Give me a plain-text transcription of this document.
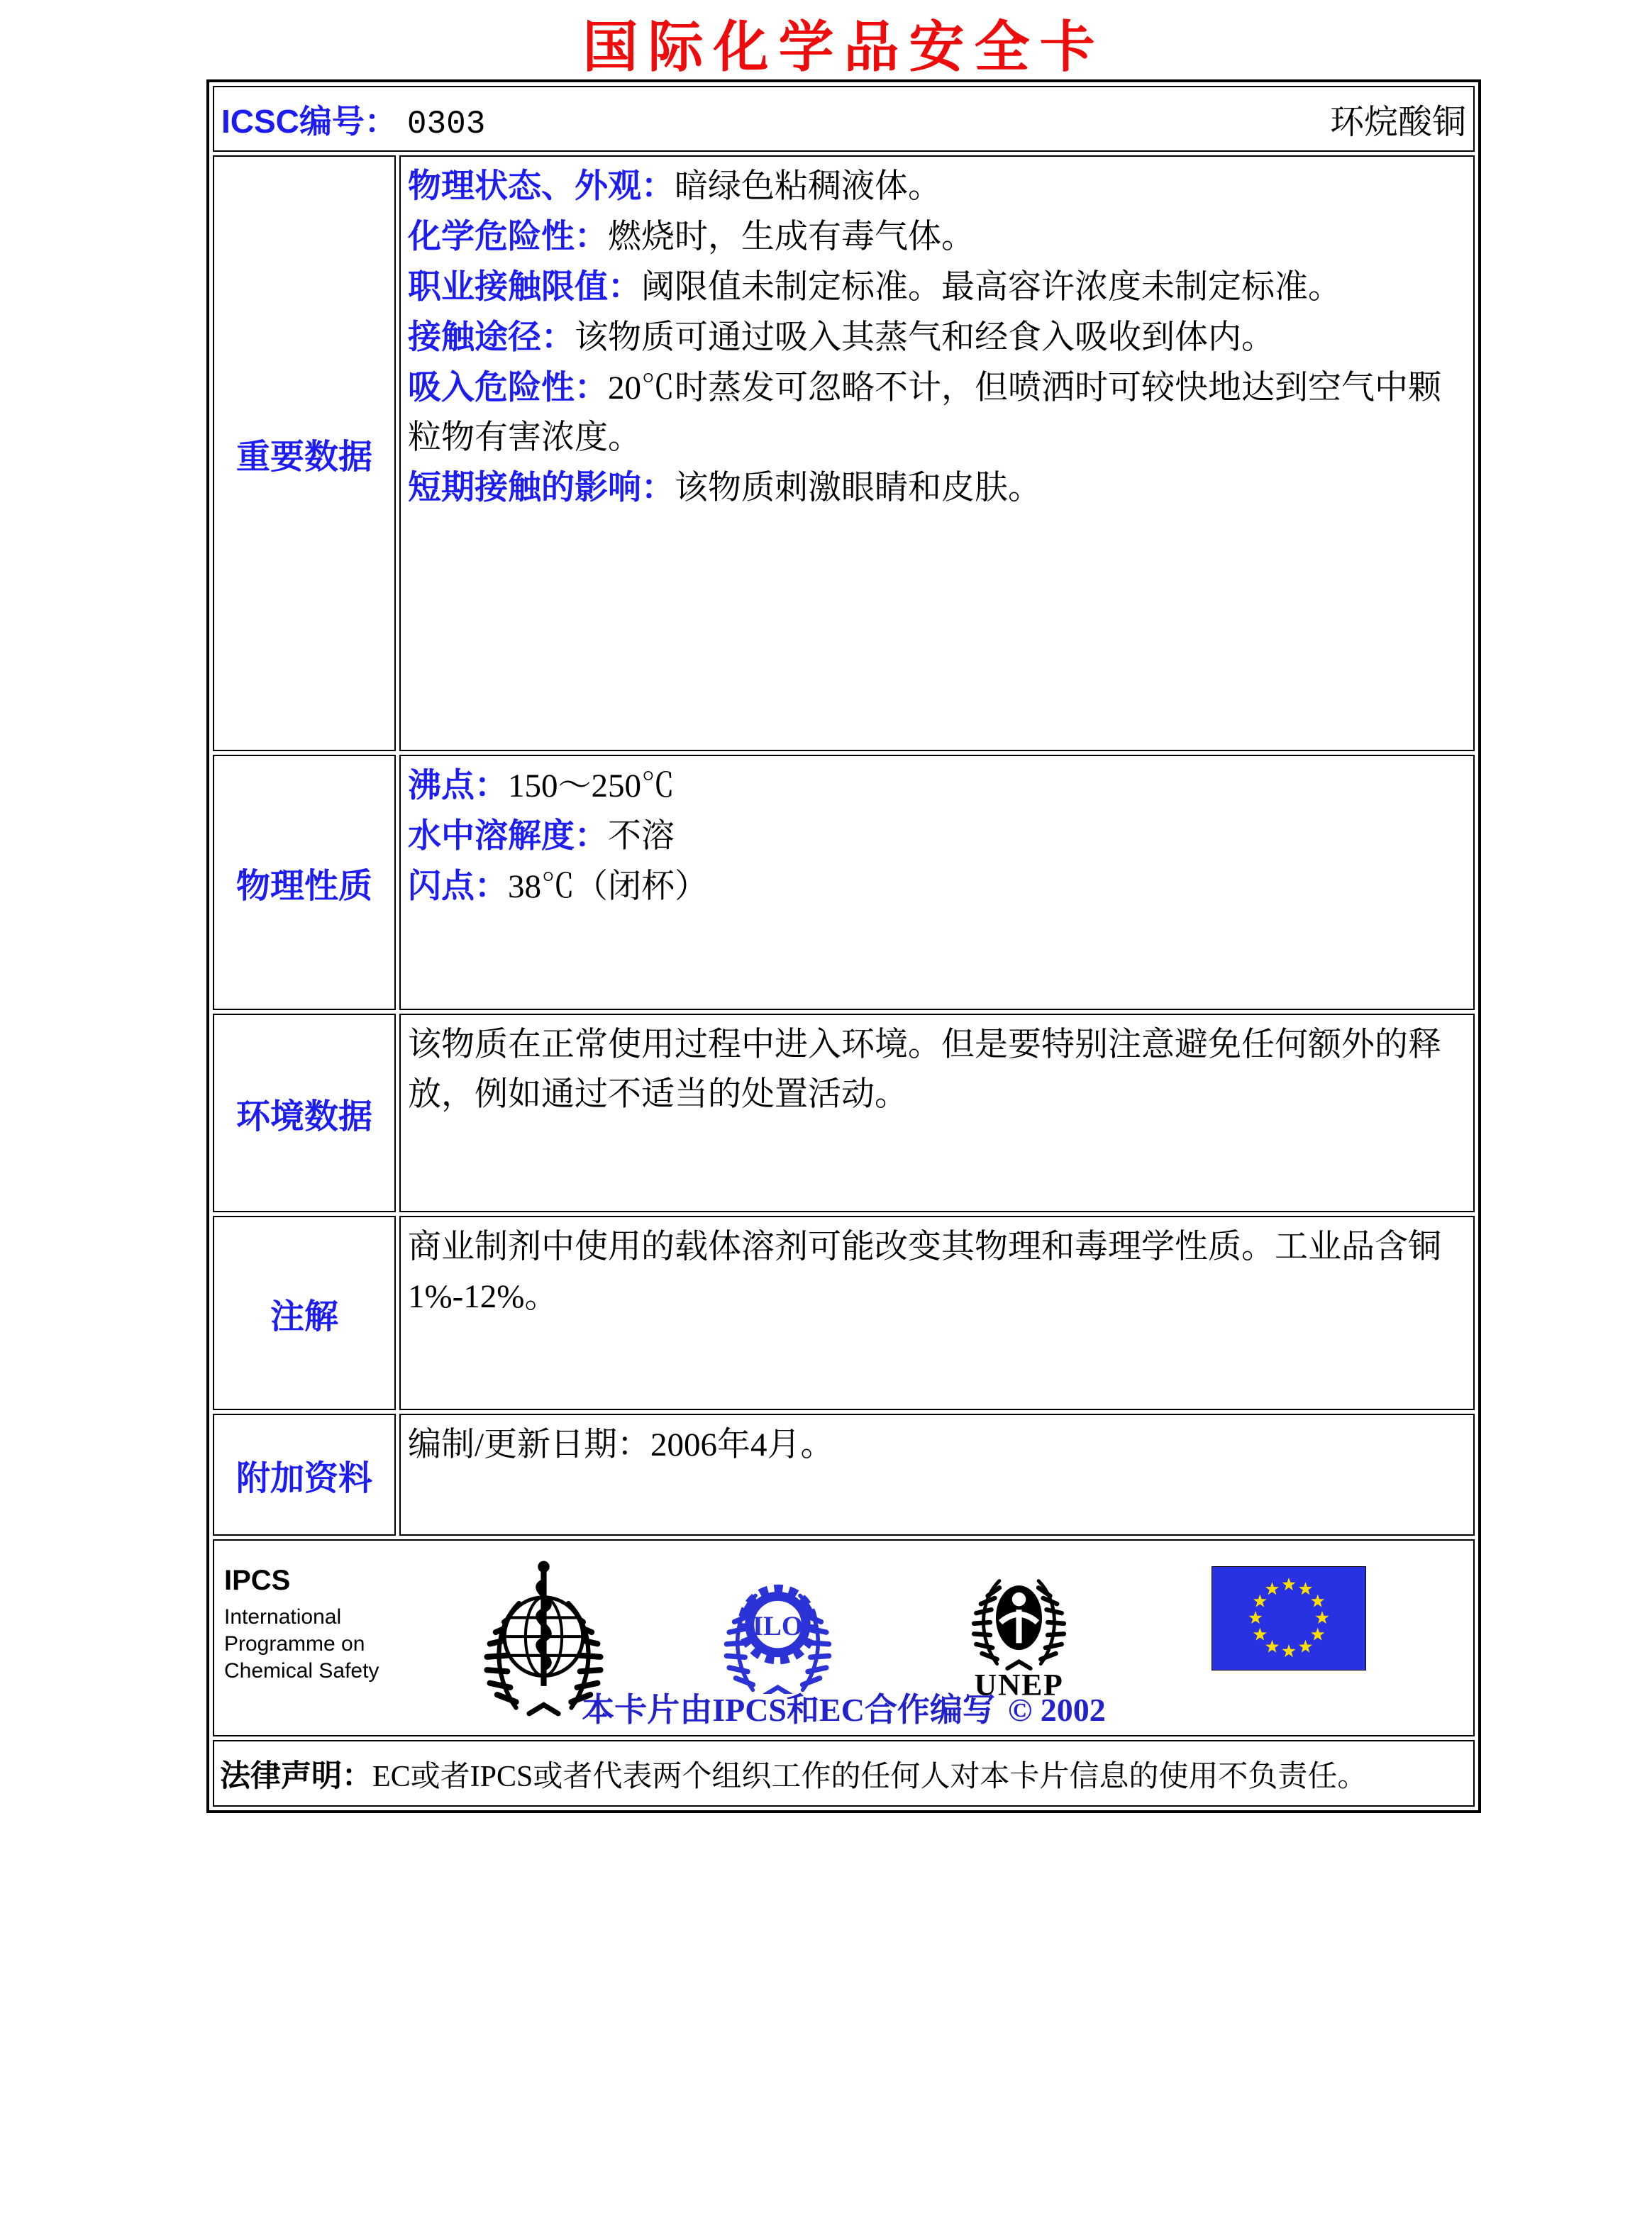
国际化学品安全卡
ICSC编号： 0303 环烷酸铜	

重要数据	
物理状态、外观：暗绿色粘稠液体。
化学危险性：燃烧时，生成有毒气体。
职业接触限值：阈限值未制定标准。最高容许浓度未制定标准。
接触途径：该物质可通过吸入其蒸气和经食入吸收到体内。
吸入危险性：20℃时蒸发可忽略不计，但喷洒时可较快地达到空气中颗粒物有害浓度。
短期接触的影响：该物质刺激眼睛和皮肤。

物理性质	沸点：150～250℃
水中溶解度：不溶
闪点：38℃（闭杯）

环境数据	该物质在正常使用过程中进入环境。但是要特别注意避免任何额外的释放，例如通过不适当的处置活动。

注解	商业制剂中使用的载体溶剂可能改变其物理和毒理学性质。工业品含铜1%-12%。

附加资料	编制/更新日期：2006年4月。

IPCS
International
Programme on
Chemical Safety
ILO
UNEP
本卡片由IPCS和EC合作编写 © 2002

法律声明：EC或者IPCS或者代表两个组织工作的任何人对本卡片信息的使用不负责任。	
